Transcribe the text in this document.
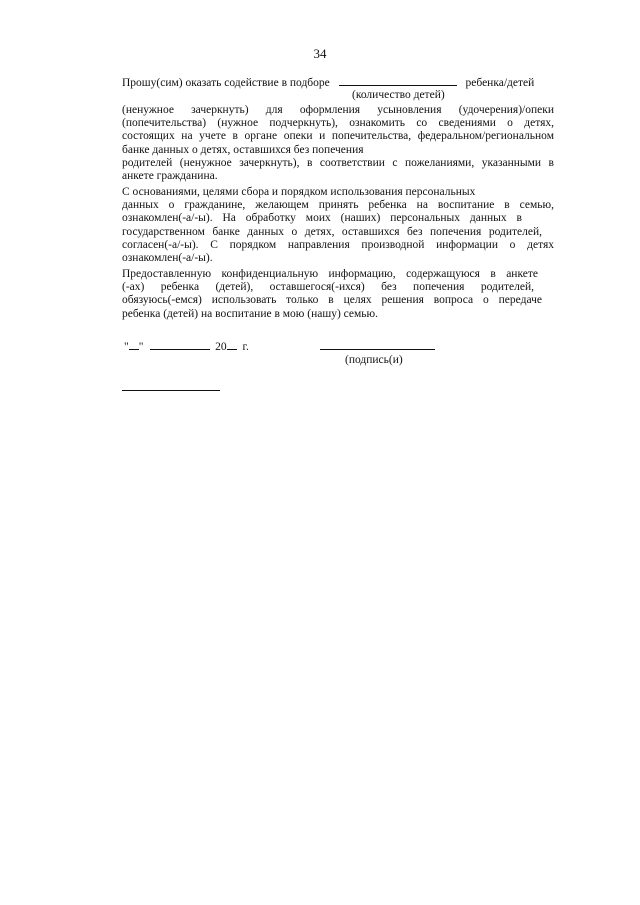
34
Прошу(сим) оказать содействие в подборе	ребенка/детей
(количество детей)
(ненужное зачеркнуть) для оформления усыновления (удочерения)/опеки
(попечительства) (нужное подчеркнуть), ознакомить со сведениями о детях,
состоящих на учете в органе опеки и попечительства, федеральном/региональном
банке данных о детях, оставшихся без попечения
родителей (ненужное зачеркнуть), в соответствии с пожеланиями, указанными в
анкете гражданина.
С основаниями, целями сбора и порядком использования персональных
данных о гражданине, желающем принять ребенка на воспитание в семью,
ознакомлен(-а/-ы). На обработку моих (наших) персональных данных в
государственном банке данных о детях, оставшихся без попечения родителей,
согласен(-а/-ы). С порядком направления производной информации о детях
ознакомлен(-а/-ы).
Предоставленную конфиденциальную информацию, содержащуюся в анкете
(-ах) ребенка (детей), оставшегося(-ихся) без попечения родителей,
обязуюсь(-емся) использовать только в целях решения вопроса о передаче
ребенка (детей) на воспитание в мою (нашу) семью.
" "	20 г.
(подпись(и)
